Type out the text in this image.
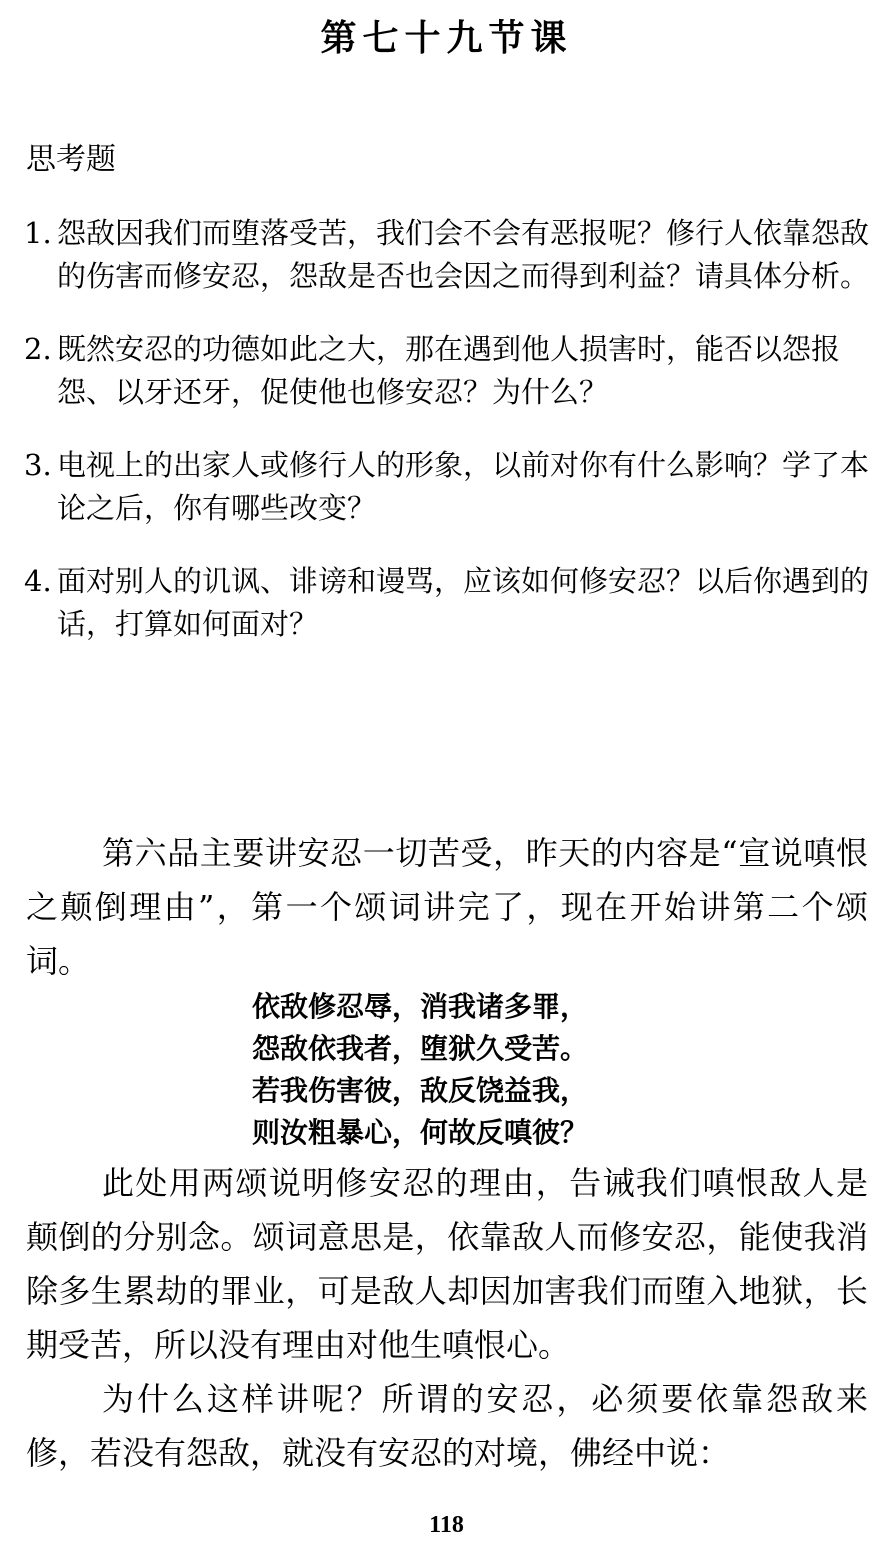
第七十九节课
思考题
1. 怨敌因我们而堕落受苦，我们会不会有恶报呢？修行人依靠怨敌的伤害而修安忍，怨敌是否也会因之而得到利益？请具体分析。
2. 既然安忍的功德如此之大，那在遇到他人损害时，能否以怨报怨、以牙还牙，促使他也修安忍？为什么？
3. 电视上的出家人或修行人的形象，以前对你有什么影响？学了本论之后，你有哪些改变？
4. 面对别人的讥讽、诽谤和谩骂，应该如何修安忍？以后你遇到的话，打算如何面对？

第六品主要讲安忍一切苦受，昨天的内容是“宣说嗔恨之颠倒理由”，第一个颂词讲完了，现在开始讲第二个颂词。

依敌修忍辱，消我诸多罪，
怨敌依我者，堕狱久受苦。
若我伤害彼，敌反饶益我，
则汝粗暴心，何故反嗔彼？

此处用两颂说明修安忍的理由，告诫我们嗔恨敌人是颠倒的分别念。颂词意思是，依靠敌人而修安忍，能使我消除多生累劫的罪业，可是敌人却因加害我们而堕入地狱，长期受苦，所以没有理由对他生嗔恨心。

为什么这样讲呢？所谓的安忍，必须要依靠怨敌来修，若没有怨敌，就没有安忍的对境，佛经中说：

118
